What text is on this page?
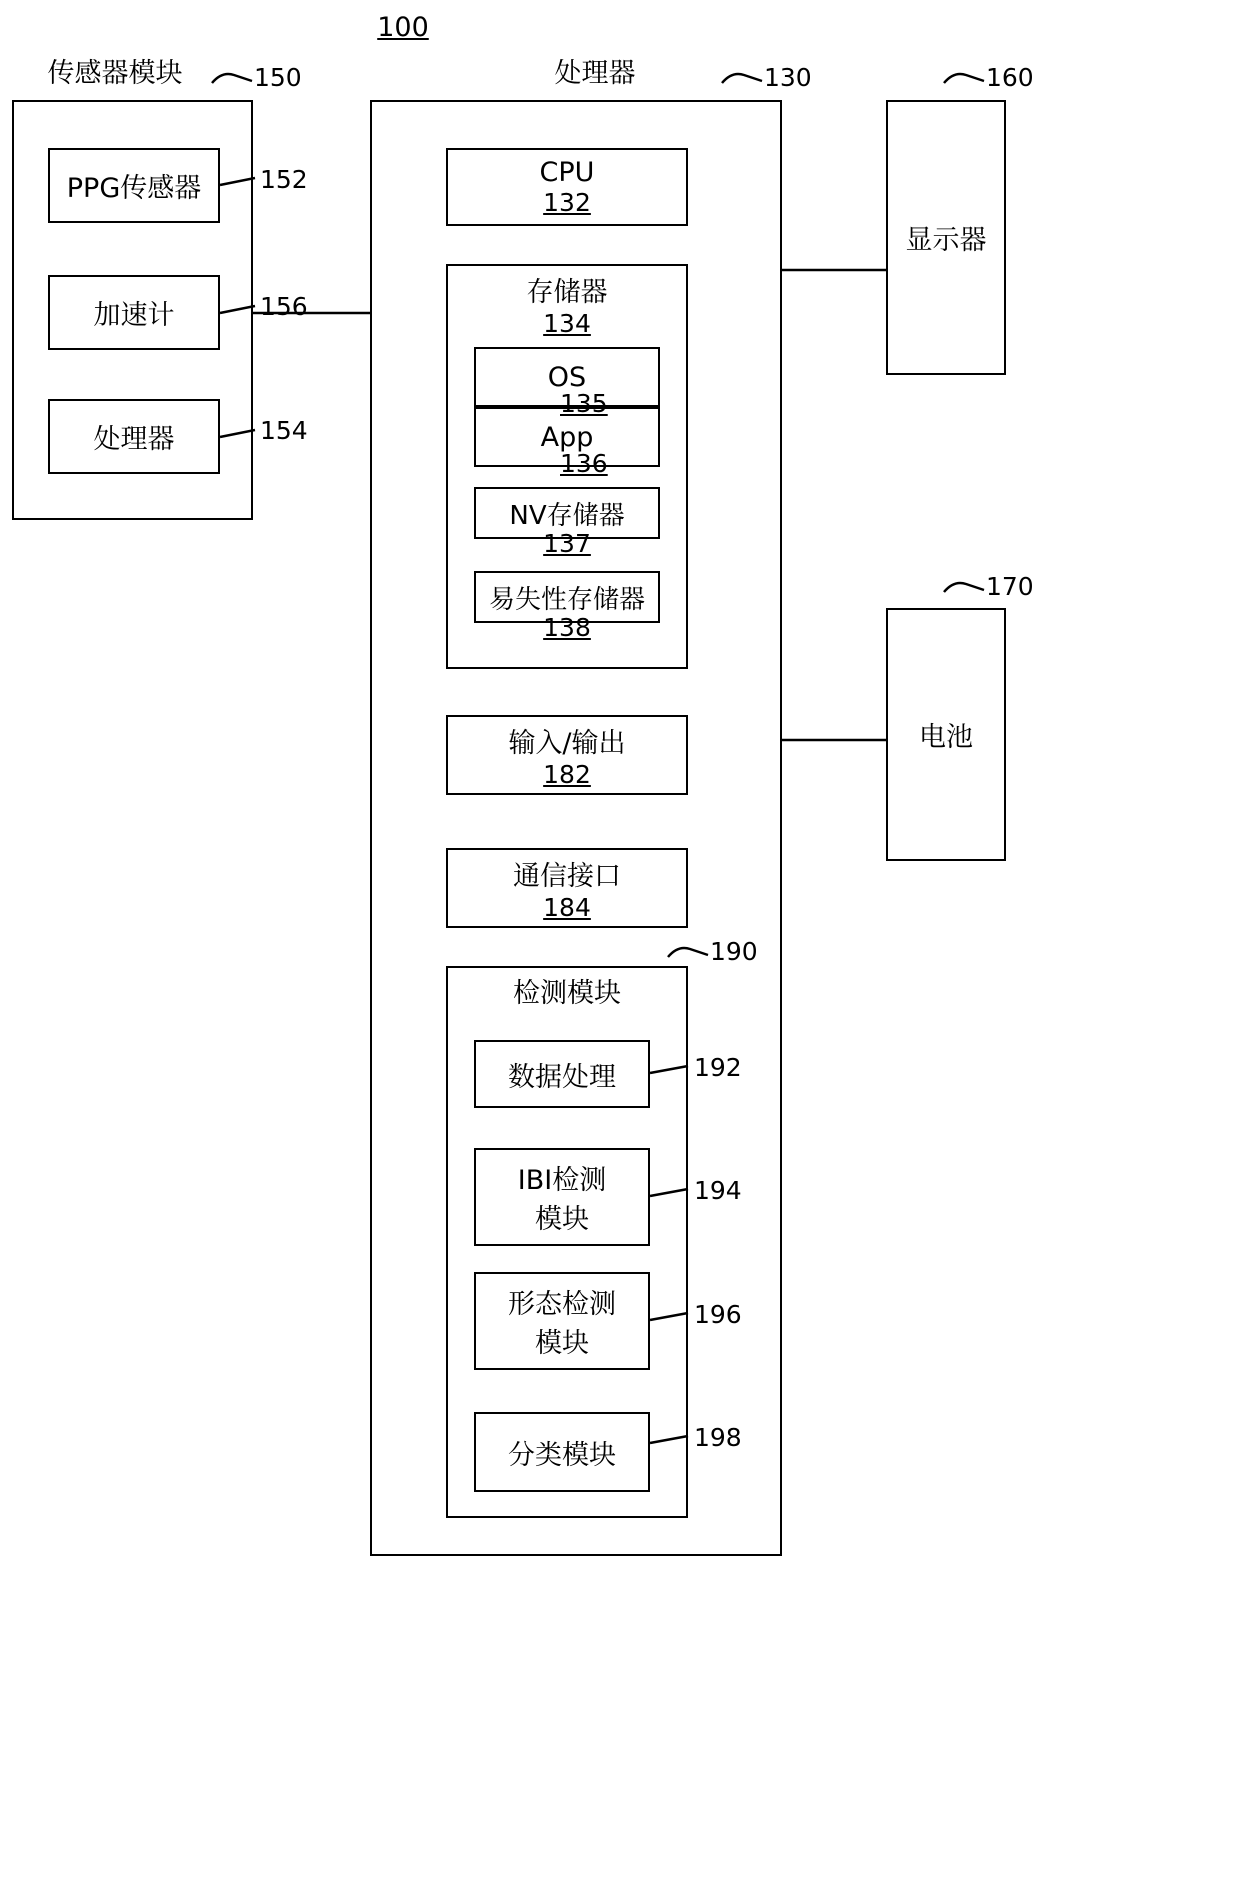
100
传感器模块	150
PPG传感器 152
加速计	156
处理器	154
处理器	130
CPU
132
存储器
134
OS
135
App
136
NV存储器
137
易失性存储器
138
输入/输出
182
通信接口
184
190
检测模块
数据处理	192
IBI检测
模块
194
形态检测
模块
196
分类模块
198
160
显示器
170
电池
